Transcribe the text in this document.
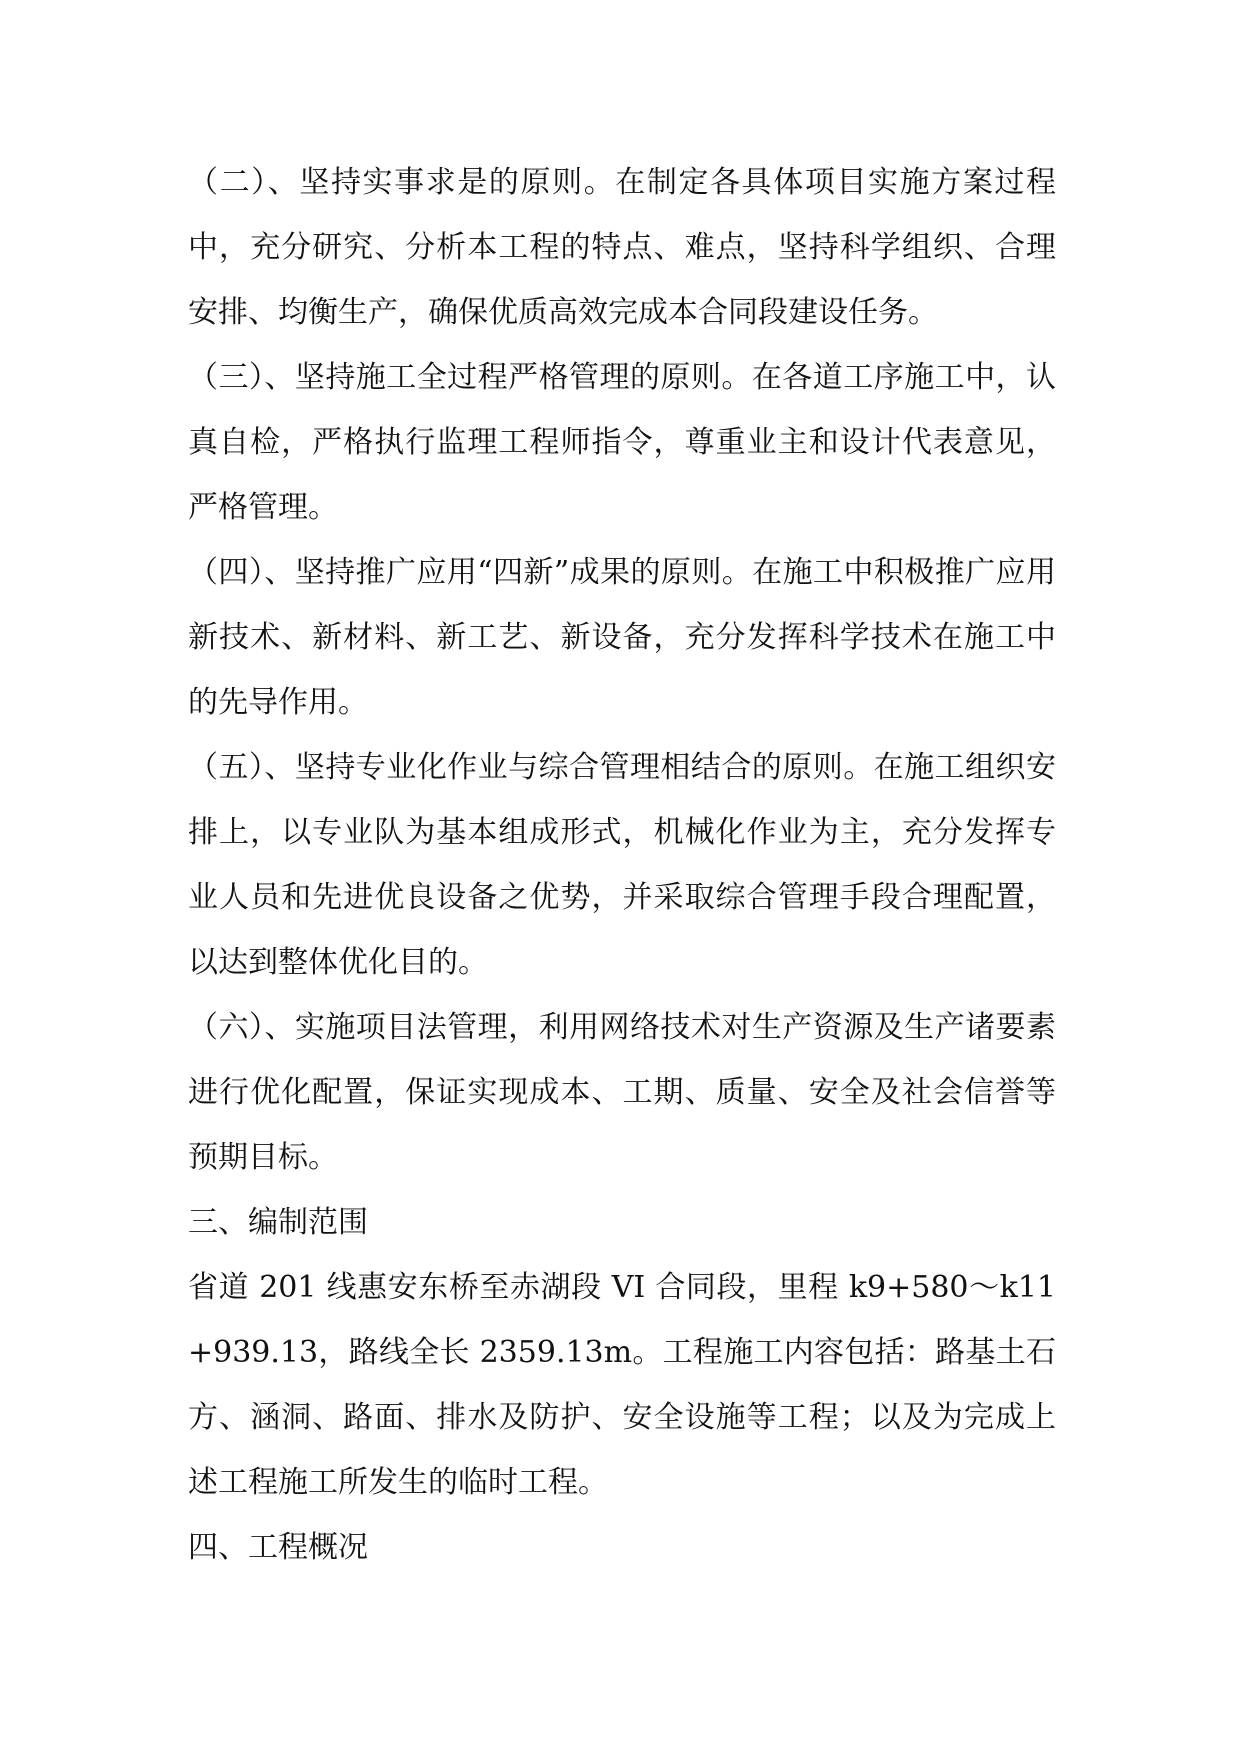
（二）、坚持实事求是的原则。在制定各具体项目实施方案过程中，充分研究、分析本工程的特点、难点，坚持科学组织、合理安排、均衡生产，确保优质高效完成本合同段建设任务。

（三）、坚持施工全过程严格管理的原则。在各道工序施工中，认真自检，严格执行监理工程师指令，尊重业主和设计代表意见，严格管理。

（四）、坚持推广应用“四新”成果的原则。在施工中积极推广应用新技术、新材料、新工艺、新设备，充分发挥科学技术在施工中的先导作用。

（五）、坚持专业化作业与综合管理相结合的原则。在施工组织安排上，以专业队为基本组成形式，机械化作业为主，充分发挥专业人员和先进优良设备之优势，并采取综合管理手段合理配置，以达到整体优化目的。

（六）、实施项目法管理，利用网络技术对生产资源及生产诸要素进行优化配置，保证实现成本、工期、质量、安全及社会信誉等预期目标。

三、编制范围

省道 201 线惠安东桥至赤湖段 VI 合同段，里程 k9+580～k11+939.13，路线全长 2359.13m。工程施工内容包括：路基土石方、涵洞、路面、排水及防护、安全设施等工程；以及为完成上述工程施工所发生的临时工程。

四、工程概况
